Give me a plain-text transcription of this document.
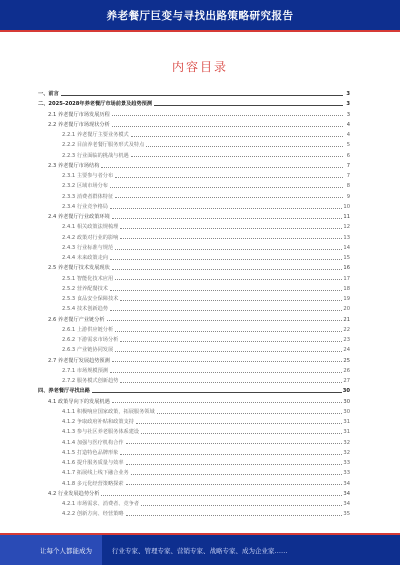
养老餐厅巨变与寻找出路策略研究报告
内容目录
一、前言	3
二、2025-2028年养老餐厅市场前景及趋势预测	3
2.1 养老餐厅市场发展历程	3
2.2 养老餐厅市场现状分析	4
2.2.1 养老餐厅主要业务模式	4
2.2.2 目前养老餐厅服务形式及特点	5
2.2.3 行业面临的挑战与机遇	6
2.3 养老餐厅市场结构	7
2.3.1 主要参与者分布	7
2.3.2 区域市场分布	8
2.3.3 消费者群体特征	9
2.3.4 行业竞争格局	10
2.4 养老餐厅行业政策环境	11
2.4.1 相关政策法规梳理	12
2.4.2 政策对行业的影响	13
2.4.3 行业标准与规范	14
2.4.4 未来政策走向	15
2.5 养老餐厅技术发展现状	16
2.5.1 智能化技术应用	17
2.5.2 营养配餐技术	18
2.5.3 食品安全保障技术	19
2.5.4 技术创新趋势	20
2.6 养老餐厅产业链分析	21
2.6.1 上游供应链分析	22
2.6.2 下游需求市场分析	23
2.6.3 产业链协同发展	24
2.7 养老餐厅发展趋势预测	25
2.7.1 市场规模预测	26
2.7.2 服务模式创新趋势	27
四、养老餐厅寻找出路	30
4.1 政策导向下的发展机遇	30
4.1.1 积极响应国家政策，拓展服务领域	30
4.1.2 争取政府补贴和政策支持	31
4.1.3 参与社区养老服务体系建设	31
4.1.4 加强与医疗机构合作	32
4.1.5 打造特色品牌形象	32
4.1.6 提升服务质量与效率	33
4.1.7 拓展线上线下融合业务	33
4.1.8 多元化经营策略探索	34
4.2 行业发展趋势分析	34
4.2.1 市场需求、消费者、竞争者	34
4.2.2 创新方向、经营策略	35
让每个人都能成为	行业专家、管理专家、营销专家、战略专家、成为企业家……
